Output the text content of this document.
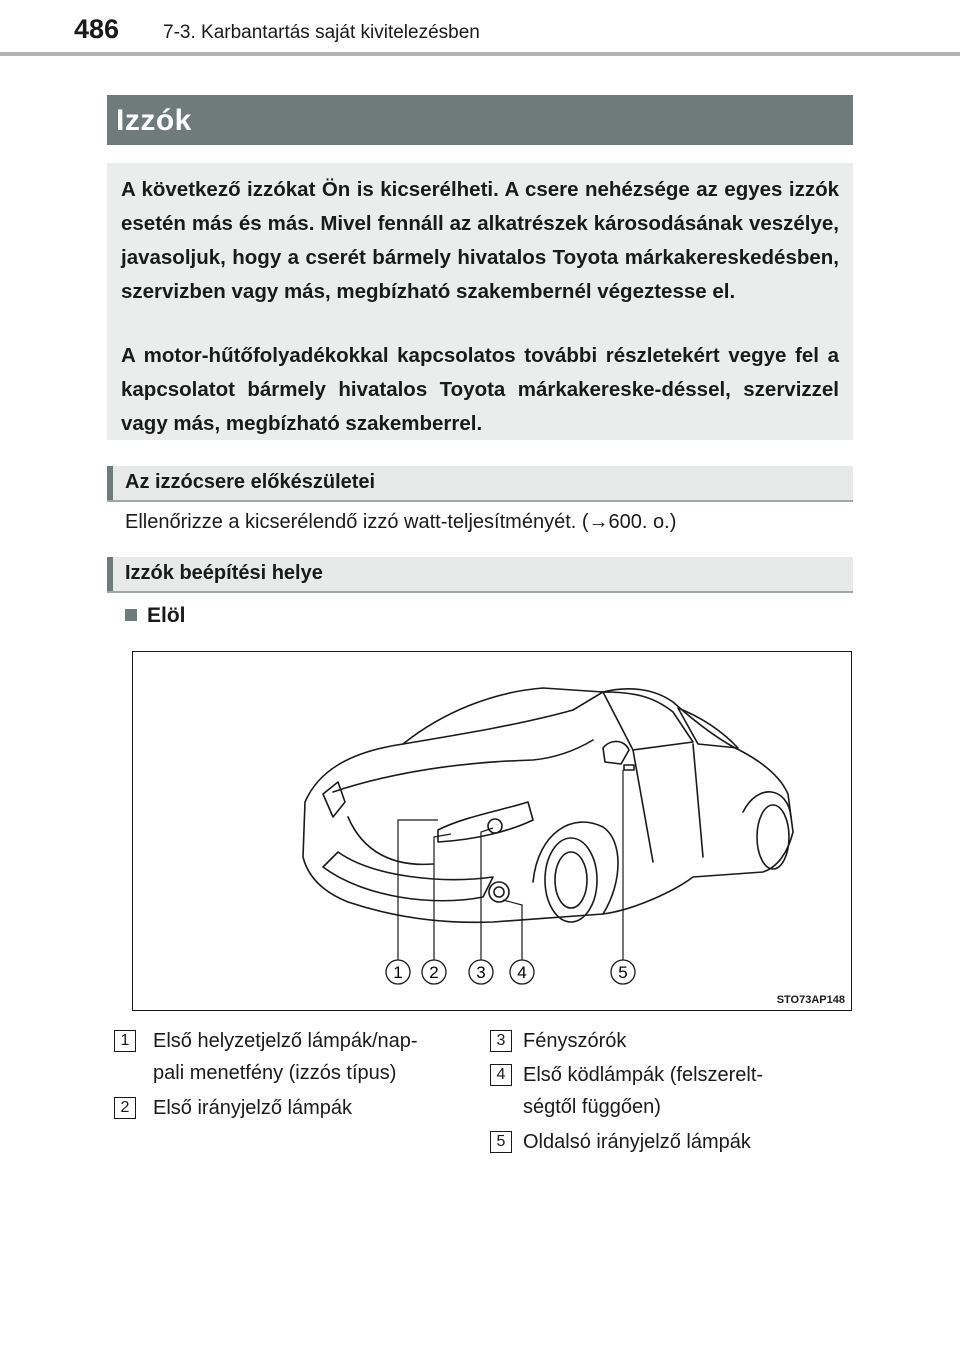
486 7-3. Karbantartás saját kivitelezésben
Izzók

A következő izzókat Ön is kicserélheti. A csere nehézsége az egyes izzók esetén más és más. Mivel fennáll az alkatrészek károsodásának veszélye, javasoljuk, hogy a cserét bármely hivatalos Toyota márkakereskedésben, szervizben vagy más, megbízható szakembernél végeztesse el.

A motor-hűtőfolyadékokkal kapcsolatos további részletekért vegye fel a kapcsolatot bármely hivatalos Toyota márkakereske-déssel, szervizzel vagy más, megbízható szakemberrel.

Az izzócsere előkészületei
Ellenőrizze a kicserélendő izzó watt-teljesítményét. (→600. o.)
Izzók beépítési helye
Elöl
1 2 3 4	5
STO73AP148
1	Első helyzetjelző lámpák/nap-
pali menetfény (izzós típus)
2	Első irányjelző lámpák
3 Fényszórók
4 Első ködlámpák (felszerelt-
ségtől függően)
5 Oldalsó irányjelző lámpák
